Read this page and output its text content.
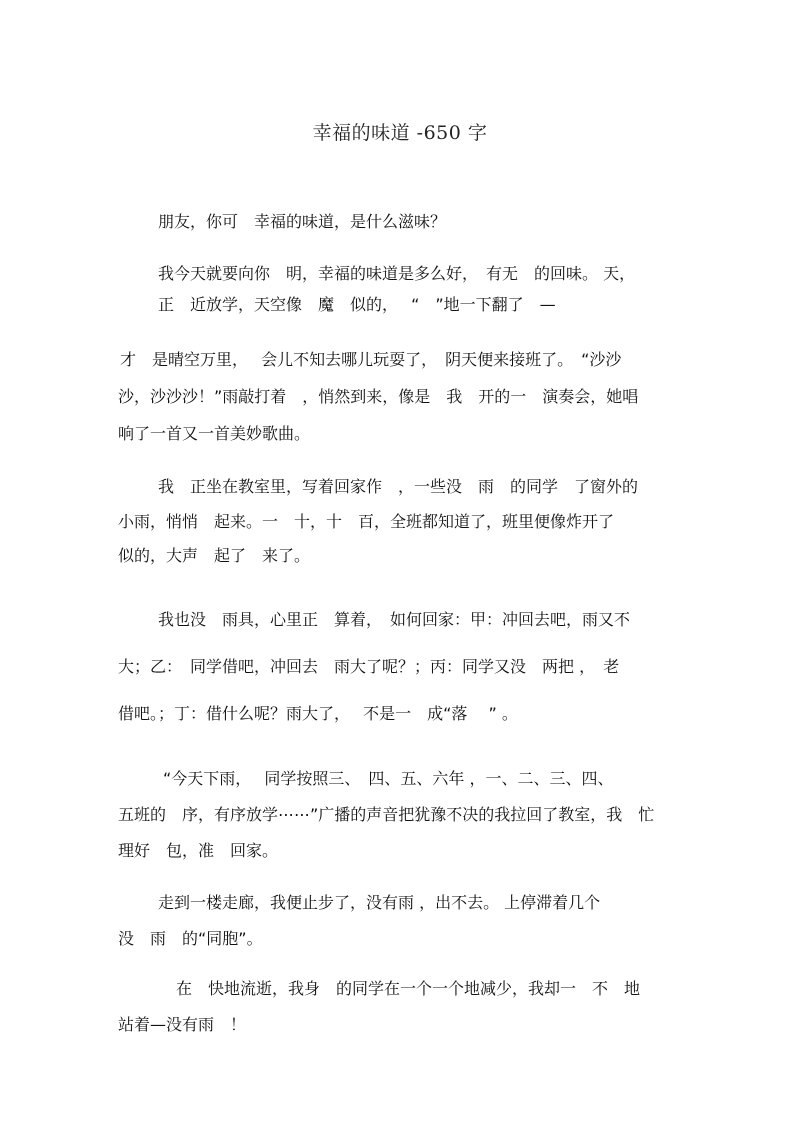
幸福的味道 -650 字
朋友，你可　幸福的味道，是什么滋味？
我今天就要向你　明，幸福的味道是多么好，　有无　的回味。 天，
正　近放学，天空像　魔　似的，　 “　”地一下翻了　—
才　是晴空万里，　 会儿不知去哪儿玩耍了，　阴天便来接班了。　“沙沙
沙，沙沙沙！”雨敲打着　，悄然到来，像是　我　开的一　演奏会，她唱
响了一首又一首美妙歌曲。
我　正坐在教室里，写着回家作　，一些没　雨　的同学　了窗外的
小雨，悄悄　起来。一　十，十　百，全班都知道了，班里便像炸开了
似的，大声　起了　来了。
我也没　雨具，心里正　算着，　如何回家：甲：冲回去吧，雨又不
大；乙：　同学借吧，冲回去　雨大了呢？；丙：同学又没　两把 ，　老
借吧。；丁：借什么呢？雨大了，　 不是一　成“落　 ” 。
“今天下雨，　 同学按照三、　四、五、六年 ，一、二、三、四、
五班的　序，有序放学⋯⋯”广播的声音把犹豫不决的我拉回了教室，我　忙
理好　包，准　回家。
走到一楼走廊，我便止步了，没有雨 ，出不去。 上停滞着几个
没　雨　的“同胞”。
在　快地流逝，我身　的同学在一个一个地减少，我却一　不　地
站着—没有雨　！
